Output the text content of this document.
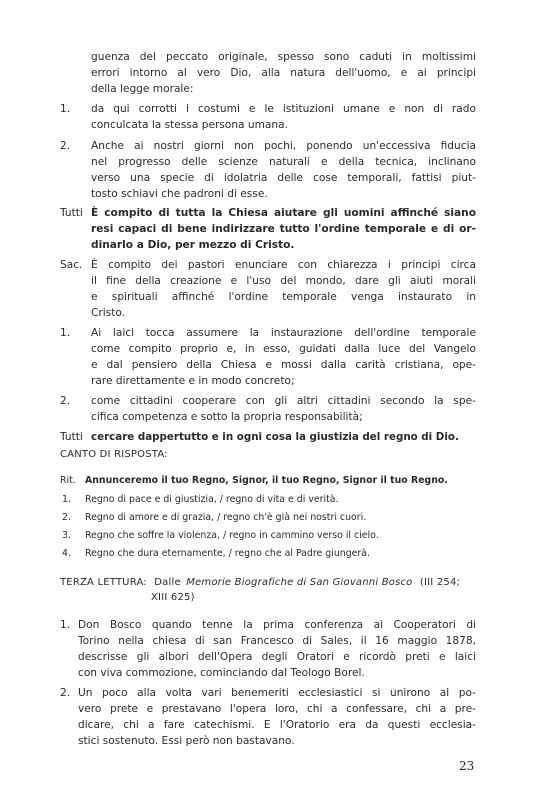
guenza del peccato originale, spesso sono caduti in moltissimi
errori intorno al vero Dio, alla natura dell'uomo, e ai principi
della legge morale:
1. da qui corrotti i costumi e le istituzioni umane e non di rado
conculcata la stessa persona umana.
2. Anche ai nostri giorni non pochi, ponendo un'eccessiva fiducia
nel progresso delle scienze naturali e della tecnica, inclinano
verso una specie di idolatria delle cose temporali, fattisi piut-
tosto schiavi che padroni di esse.
Tutti È compito di tutta la Chiesa aiutare gli uomini affinché siano
resi capaci di bene indirizzare tutto l'ordine temporale e di or-
dinarlo a Dio, per mezzo di Cristo.
Sac. È compito dei pastori enunciare con chiarezza i principi circa
il fine della creazione e l'uso del mondo, dare gli aiuti morali
e spirituali affinché l'ordine temporale venga instaurato in
Cristo.
1. Ai laici tocca assumere la instaurazione dell'ordine temporale
come compito proprio e, in esso, guidati dalla luce del Vangelo
e dal pensiero della Chiesa e mossi dalla carità cristiana, ope-
rare direttamente e in modo concreto;
2. come cittadini cooperare con gli altri cittadini secondo la spe-
cifica competenza e sotto la propria responsabilità;
Tutti cercare dappertutto e in ogni cosa la giustizia del regno di Dio.
CANTO DI RISPOSTA:
Rit. Annunceremo il tuo Regno, Signor, il tuo Regno, Signor il tuo Regno.
1. Regno di pace e di giustizia, / regno di vita e di verità.
2. Regno di amore e di grazia, / regno ch'è già nei nostri cuori.
3. Regno che soffre la violenza, / regno in cammino verso il cielo.
4. Regno che dura eternamente, / regno che al Padre giungerà.
TERZA LETTURA: Dalle Memorie Biografiche di San Giovanni Bosco (III 254;
XIII 625)
1. Don Bosco quando tenne la prima conferenza ai Cooperatori di
Torino nella chiesa di san Francesco di Sales, il 16 maggio 1878,
descrisse gli albori dell'Opera degli Oratori e ricordò preti e laici
con viva commozione, cominciando dal Teologo Borel.
2. Un poco alla volta vari benemeriti ecclesiastici si unirono al po-
vero prete e prestavano l'opera loro, chi a confessare, chi a pre-
dicare, chi a fare catechismi. E l'Oratorio era da questi ecclesia-
stici sostenuto. Essi però non bastavano.
23
